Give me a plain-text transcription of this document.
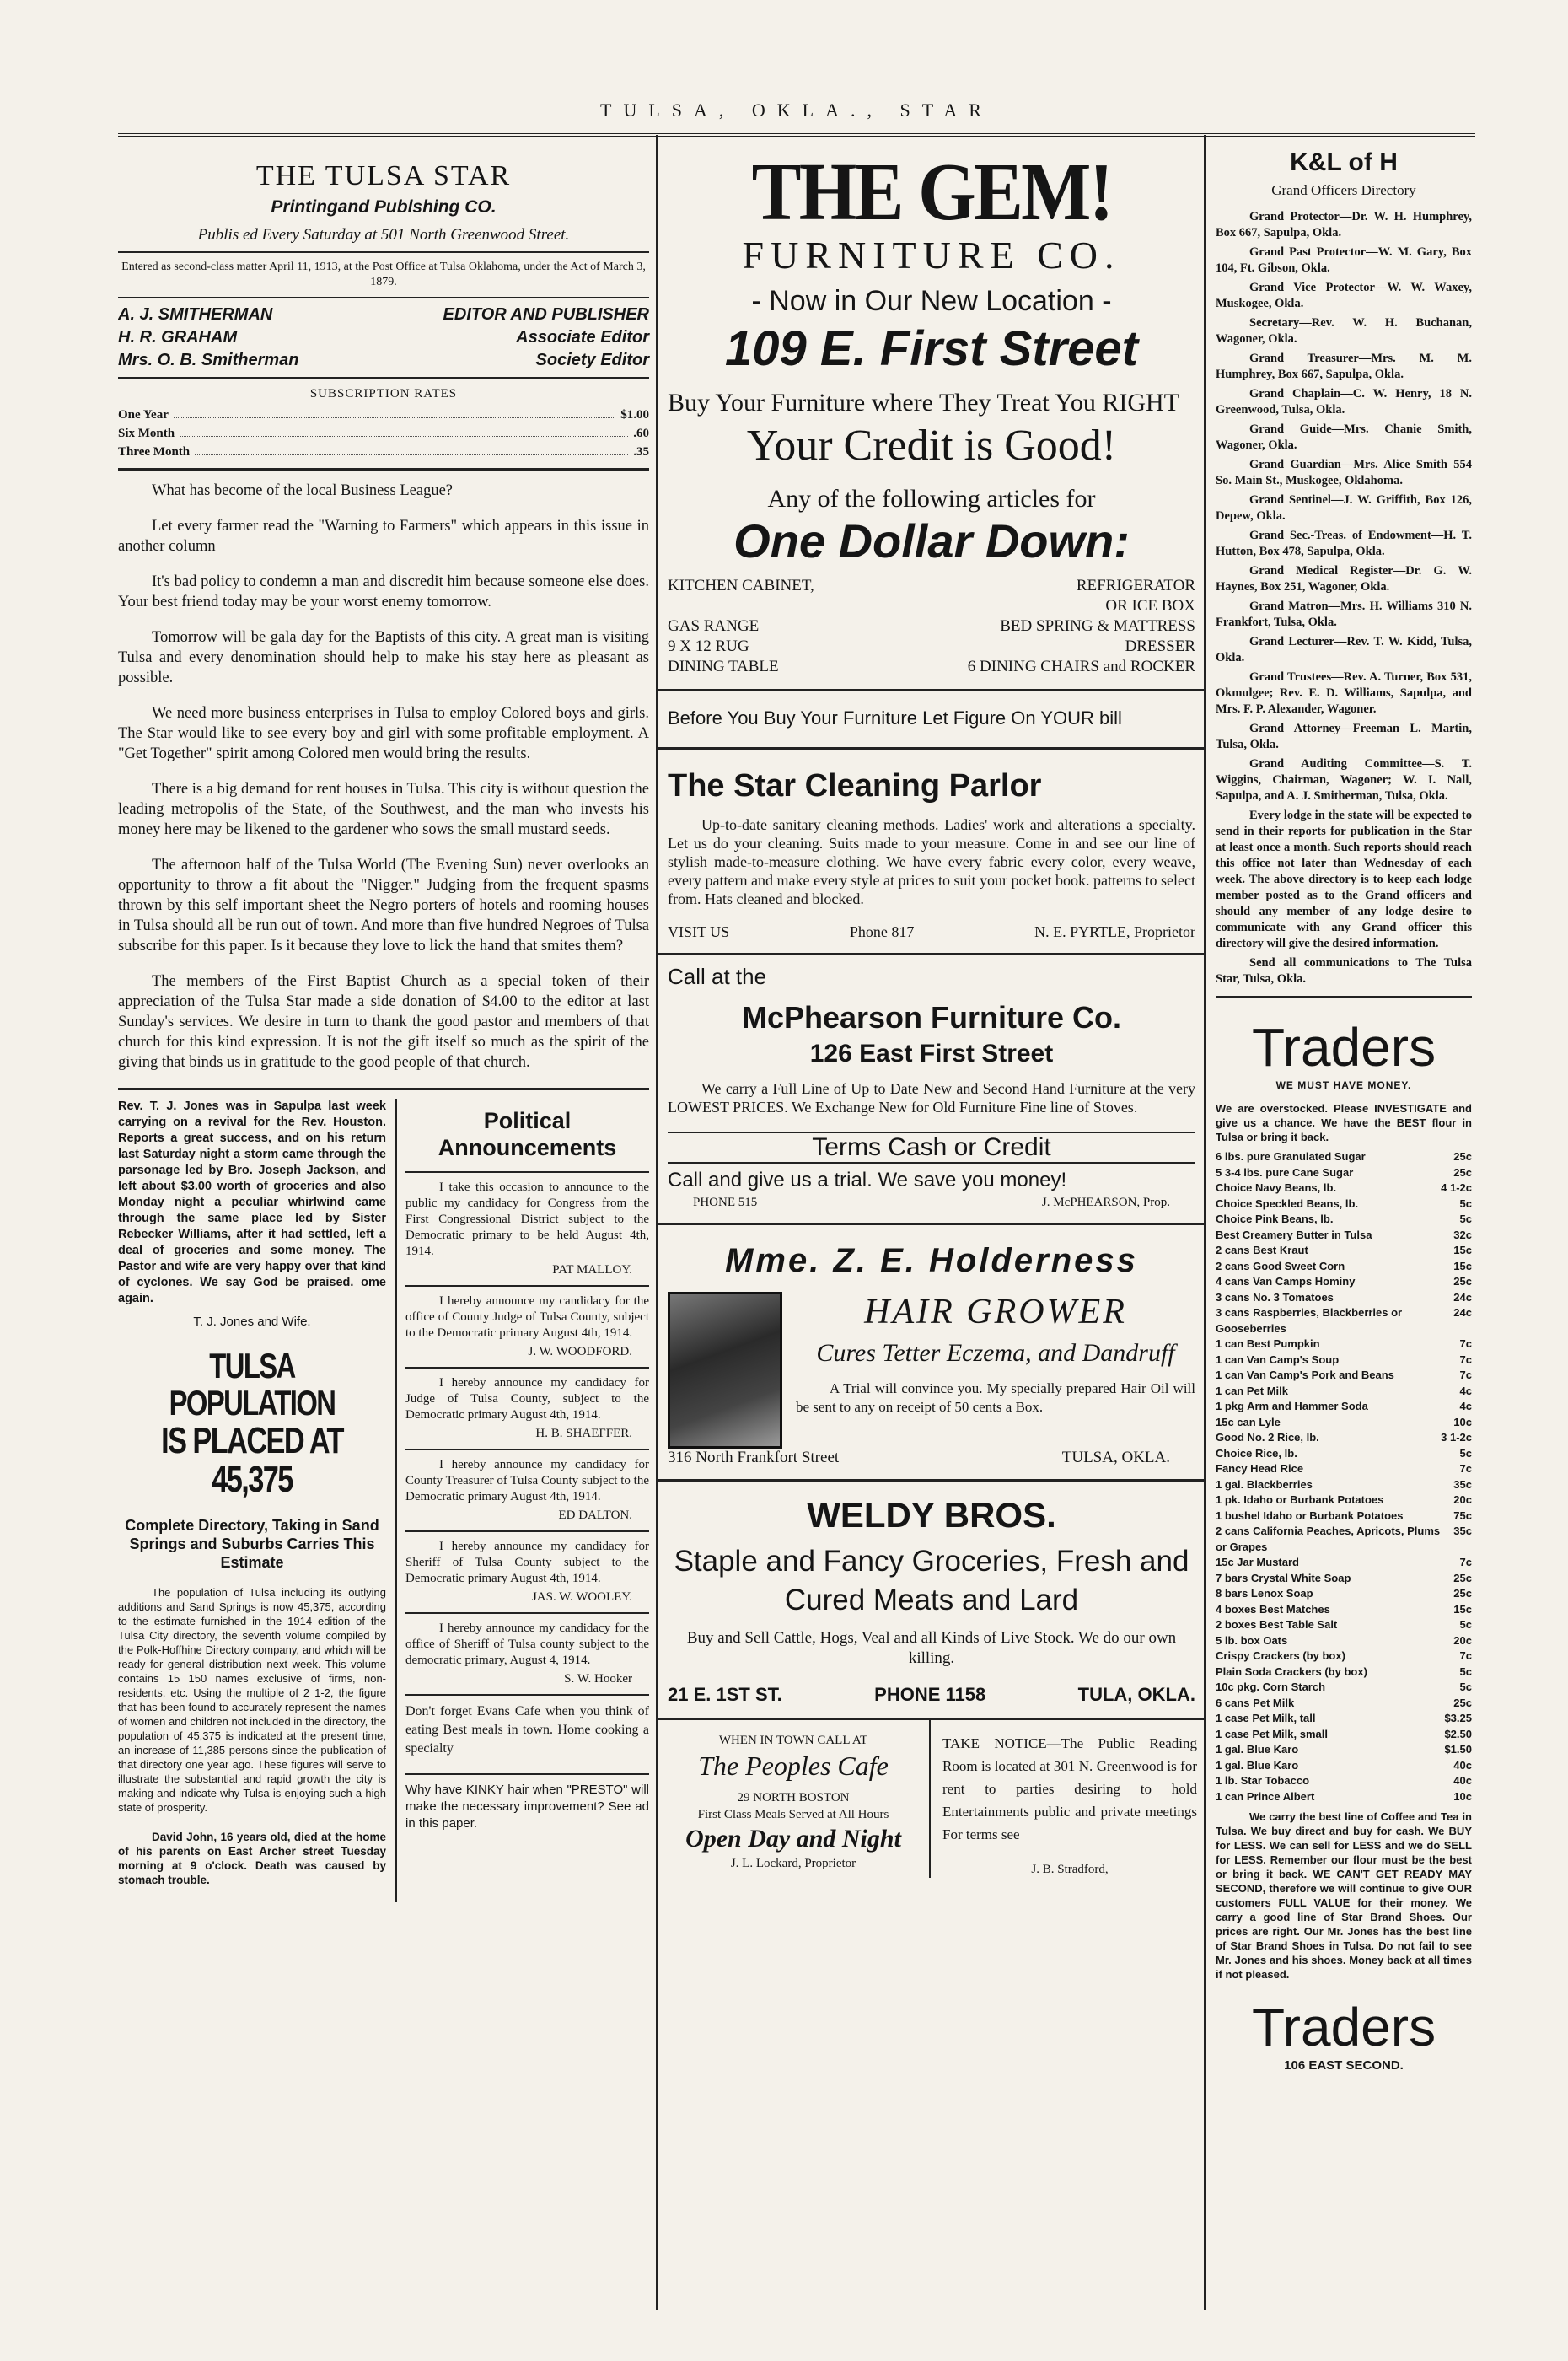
TULSA, OKLA., STAR
THE TULSA STAR
Printingand Publshing CO.
Publis ed Every Saturday at 501 North Greenwood Street.
Entered as second-class matter April 11, 1913, at the Post Office at Tulsa Oklahoma, under the Act of March 3, 1879.
A. J. SMITHERMAN	EDITOR AND PUBLISHER
H. R. GRAHAM	Associate Editor
Mrs. O. B. Smitherman	Society Editor
SUBSCRIPTION RATES
One Year	$1.00
Six Month	.60
Three Month	.35

What has become of the local Business League?

Let every farmer read the "Warning to Farmers" which appears in this issue in another column

It's bad policy to condemn a man and discredit him because someone else does. Your best friend today may be your worst enemy tomorrow.

Tomorrow will be gala day for the Baptists of this city. A great man is visiting Tulsa and every denomination should help to make his stay here as pleasant as possible.

We need more business enterprises in Tulsa to employ Colored boys and girls. The Star would like to see every boy and girl with some profitable employment. A "Get Together" spirit among Colored men would bring the results.

There is a big demand for rent houses in Tulsa. This city is without question the leading metropolis of the State, of the Southwest, and the man who invests his money here may be likened to the gardener who sows the small mustard seeds.

The afternoon half of the Tulsa World (The Evening Sun) never overlooks an opportunity to throw a fit about the "Nigger." Judging from the frequent spasms thrown by this self important sheet the Negro porters of hotels and rooming houses in Tulsa should all be run out of town. And more than five hundred Negroes of Tulsa subscribe for this paper. Is it because they love to lick the hand that smites them?

The members of the First Baptist Church as a special token of their appreciation of the Tulsa Star made a side donation of $4.00 to the editor at last Sunday's services. We desire in turn to thank the good pastor and members of that church for this kind expression. It is not the gift itself so much as the spirit of the giving that binds us in gratitude to the good people of that church.

Rev. T. J. Jones was in Sapulpa last week carrying on a revival for the Rev. Houston. Reports a great success, and on his return last Saturday night a storm came through the parsonage led by Bro. Joseph Jackson, and left about $3.00 worth of groceries and also Monday night a peculiar whirlwind came through the same place led by Sister Rebecker Williams, after it had settled, left a deal of groceries and some money. The Pastor and wife are very happy over that kind of cyclones. We say God be praised. ome again.

T. J. Jones and Wife.
TULSA POPULATION
IS PLACED AT 45,375
Complete Directory, Taking in Sand Springs and Suburbs Carries This Estimate

The population of Tulsa including its outlying additions and Sand Springs is now 45,375, according to the estimate furnished in the 1914 edition of the Tulsa City directory, the seventh volume compiled by the Polk-Hoffhine Directory company, and which will be ready for general distribution next week. This volume contains 15 150 names exclusive of firms, non-residents, etc. Using the multiple of 2 1-2, the figure that has been found to accurately represent the names of women and children not included in the directory, the population of 45,375 is indicated at the present time, an increase of 11,385 persons since the publication of that directory one year ago. These figures will serve to illustrate the substantial and rapid growth the city is making and indicate why Tulsa is enjoying such a high state of prosperity.

David John, 16 years old, died at the home of his parents on East Archer street Tuesday morning at 9 o'clock. Death was caused by stomach trouble.

Political Announcements

I take this occasion to announce to the public my candidacy for Congress from the First Congressional District subject to the Democratic primary to be held August 4th, 1914.

PAT MALLOY.

I hereby announce my candidacy for the office of County Judge of Tulsa County, subject to the Democratic primary August 4th, 1914.

J. W. WOODFORD.

I hereby announce my candidacy for Judge of Tulsa County, subject to the Democratic primary August 4th, 1914.

H. B. SHAEFFER.

I hereby announce my candidacy for County Treasurer of Tulsa County subject to the Democratic primary August 4th, 1914.

ED DALTON.

I hereby announce my candidacy for Sheriff of Tulsa County subject to the Democratic primary August 4th, 1914.

JAS. W. WOOLEY.

I hereby announce my candidacy for the office of Sheriff of Tulsa county subject to the democratic primary, August 4, 1914.

S. W. Hooker

Don't forget Evans Cafe when you think of eating Best meals in town. Home cooking a specialty

Why have KINKY hair when "PRESTO" will make the necessary improvement? See ad in this paper.

THE GEM!
FURNITURE CO.
- Now in Our New Location -
109 E. First Street
Buy Your Furniture where They Treat You RIGHT
Your Credit is Good!
Any of the following articles for
One Dollar Down:
KITCHEN CABINET,	REFRIGERATOR
OR ICE BOX
GAS RANGE	BED SPRING & MATTRESS
9 X 12 RUG	DRESSER
DINING TABLE	6 DINING CHAIRS and ROCKER
Before You Buy Your Furniture Let Figure On YOUR bill
The Star Cleaning Parlor

Up-to-date sanitary cleaning methods. Ladies' work and alterations a specialty. Let us do your cleaning. Suits made to your measure. Come in and see our line of stylish made-to-measure clothing. We have every fabric every color, every weave, every pattern and make every style at prices to suit your pocket book. patterns to select from. Hats cleaned and blocked.

VISIT US	Phone 817	N. E. PYRTLE, Proprietor
Call at the
McPhearson Furniture Co.
126 East First Street

We carry a Full Line of Up to Date New and Second Hand Furniture at the very LOWEST PRICES. We Exchange New for Old Furniture Fine line of Stoves.

Terms Cash or Credit
Call and give us a trial. We save you money!
PHONE 515	J. McPHEARSON, Prop.
Mme. Z. E. Holderness
HAIR GROWER
Cures Tetter Eczema, and Dandruff

A Trial will convince you. My specially prepared Hair Oil will be sent to any on receipt of 50 cents a Box.

316 North Frankfort Street	TULSA, OKLA.
WELDY BROS.
Staple and Fancy Groceries, Fresh and Cured Meats and Lard

Buy and Sell Cattle, Hogs, Veal and all Kinds of Live Stock. We do our own killing.

21 E. 1ST ST.	PHONE 1158	TULA, OKLA.
WHEN IN TOWN CALL AT
The Peoples Cafe
29 NORTH BOSTON
First Class Meals Served at All Hours
Open Day and Night
J. L. Lockard, Proprietor

TAKE NOTICE—The Public Reading Room is located at 301 N. Greenwood is for rent to parties desiring to hold Entertainments public and private meetings For terms see

J. B. Stradford,
K&L of H
Grand Officers Directory

Grand Protector—Dr. W. H. Humphrey, Box 667, Sapulpa, Okla.

Grand Past Protector—W. M. Gary, Box 104, Ft. Gibson, Okla.

Grand Vice Protector—W. W. Waxey, Muskogee, Okla.

Secretary—Rev. W. H. Buchanan, Wagoner, Okla.

Grand Treasurer—Mrs. M. M. Humphrey, Box 667, Sapulpa, Okla.

Grand Chaplain—C. W. Henry, 18 N. Greenwood, Tulsa, Okla.

Grand Guide—Mrs. Chanie Smith, Wagoner, Okla.

Grand Guardian—Mrs. Alice Smith 554 So. Main St., Muskogee, Oklahoma.

Grand Sentinel—J. W. Griffith, Box 126, Depew, Okla.

Grand Sec.-Treas. of Endowment—H. T. Hutton, Box 478, Sapulpa, Okla.

Grand Medical Register—Dr. G. W. Haynes, Box 251, Wagoner, Okla.

Grand Matron—Mrs. H. Williams 310 N. Frankfort, Tulsa, Okla.

Grand Lecturer—Rev. T. W. Kidd, Tulsa, Okla.

Grand Trustees—Rev. A. Turner, Box 531, Okmulgee; Rev. E. D. Williams, Sapulpa, and Mrs. F. P. Alexander, Wagoner.

Grand Attorney—Freeman L. Martin, Tulsa, Okla.

Grand Auditing Committee—S. T. Wiggins, Chairman, Wagoner; W. I. Nall, Sapulpa, and A. J. Smitherman, Tulsa, Okla.

Every lodge in the state will be expected to send in their reports for publication in the Star at least once a month. Such reports should reach this office not later than Wednesday of each week. The above directory is to keep each lodge member posted as to the Grand officers and should any member of any lodge desire to communicate with any Grand officer this directory will give the desired information.

Send all communications to The Tulsa Star, Tulsa, Okla.

Traders
WE MUST HAVE MONEY.

We are overstocked. Please INVESTIGATE and give us a chance. We have the BEST flour in Tulsa or bring it back.

6 lbs. pure Granulated Sugar	25c
5 3-4 lbs. pure Cane Sugar	25c
Choice Navy Beans, lb.	4 1-2c
Choice Speckled Beans, lb.	5c
Choice Pink Beans, lb.	5c
Best Creamery Butter in Tulsa	32c
2 cans Best Kraut	15c
2 cans Good Sweet Corn	15c
4 cans Van Camps Hominy	25c
3 cans No. 3 Tomatoes	24c
3 cans Raspberries, Blackberries or Gooseberries
24c
1 can Best Pumpkin	7c
1 can Van Camp's Soup	7c
1 can Van Camp's Pork and Beans	7c
1 can Pet Milk	4c
1 pkg Arm and Hammer Soda	4c
15c can Lyle	10c
Good No. 2 Rice, lb.	3 1-2c
Choice Rice, lb.	5c
Fancy Head Rice	7c
1 gal. Blackberries	35c
1 pk. Idaho or Burbank Potatoes	20c
1 bushel Idaho or Burbank Potatoes	75c
2 cans California Peaches, Apricots, Plums or Grapes
35c
15c Jar Mustard	7c
7 bars Crystal White Soap	25c
8 bars Lenox Soap	25c
4 boxes Best Matches	15c
2 boxes Best Table Salt	5c
5 lb. box Oats	20c
Crispy Crackers (by box)	7c
Plain Soda Crackers (by box)	5c
10c pkg. Corn Starch	5c
6 cans Pet Milk	25c
1 case Pet Milk, tall	$3.25
1 case Pet Milk, small	$2.50
1 gal. Blue Karo	$1.50
1 gal. Blue Karo	40c
1 lb. Star Tobacco	40c
1 can Prince Albert	10c

We carry the best line of Coffee and Tea in Tulsa. We buy direct and buy for cash. We BUY for LESS. We can sell for LESS and we do SELL for LESS. Remember our flour must be the best or bring it back. WE CAN'T GET READY MAY SECOND, therefore we will continue to give OUR customers FULL VALUE for their money. We carry a good line of Star Brand Shoes. Our prices are right. Our Mr. Jones has the best line of Star Brand Shoes in Tulsa. Do not fail to see Mr. Jones and his shoes. Money back at all times if not pleased.

Traders
106 EAST SECOND.
